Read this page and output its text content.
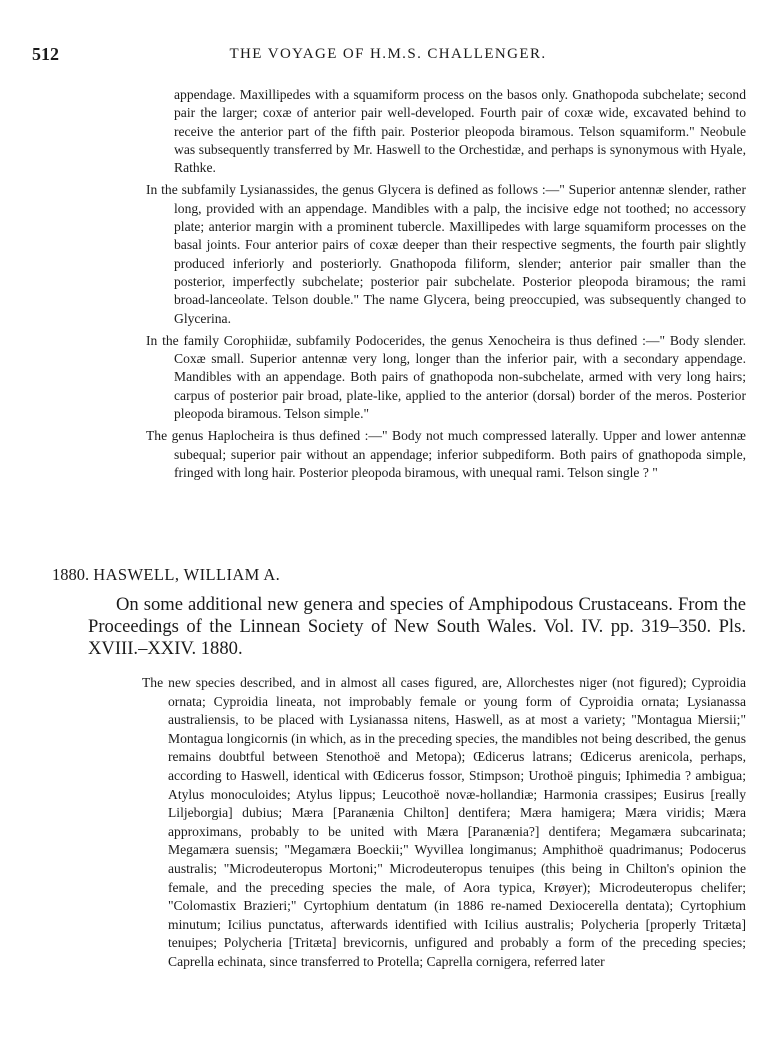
512	THE VOYAGE OF H.M.S. CHALLENGER.

appendage. Maxillipedes with a squamiform process on the basos only. Gnathopoda subchelate; second pair the larger; coxæ of anterior pair well-developed. Fourth pair of coxæ wide, excavated behind to receive the anterior part of the fifth pair. Posterior pleopoda biramous. Telson squamiform." Neobule was subsequently transferred by Mr. Haswell to the Orchestidæ, and perhaps is synonymous with Hyale, Rathke.

In the subfamily Lysianassides, the genus Glycera is defined as follows :—" Superior antennæ slender, rather long, provided with an appendage. Mandibles with a palp, the incisive edge not toothed; no accessory plate; anterior margin with a prominent tubercle. Maxillipedes with large squamiform processes on the basal joints. Four anterior pairs of coxæ deeper than their respective segments, the fourth pair slightly produced inferiorly and posteriorly. Gnathopoda filiform, slender; anterior pair smaller than the posterior, imperfectly subchelate; posterior pair subchelate. Posterior pleopoda biramous; the rami broad-lanceolate. Telson double." The name Glycera, being preoccupied, was subsequently changed to Glycerina.

In the family Corophiidæ, subfamily Podocerides, the genus Xenocheira is thus defined :—" Body slender. Coxæ small. Superior antennæ very long, longer than the inferior pair, with a secondary appendage. Mandibles with an appendage. Both pairs of gnathopoda non-subchelate, armed with very long hairs; carpus of posterior pair broad, plate-like, applied to the anterior (dorsal) border of the meros. Posterior pleopoda biramous. Telson simple."

The genus Haplocheira is thus defined :—" Body not much compressed laterally. Upper and lower antennæ subequal; superior pair without an appendage; inferior subpediform. Both pairs of gnathopoda simple, fringed with long hair. Posterior pleopoda biramous, with unequal rami. Telson single ? "

1880. HASWELL, WILLIAM A.

On some additional new genera and species of Amphipodous Crustaceans. From the Proceedings of the Linnean Society of New South Wales. Vol. IV. pp. 319–350. Pls. XVIII.–XXIV. 1880.

The new species described, and in almost all cases figured, are, Allorchestes niger (not figured); Cyproidia ornata; Cyproidia lineata, not improbably female or young form of Cyproidia ornata; Lysianassa australiensis, to be placed with Lysianassa nitens, Haswell, as at most a variety; "Montagua Miersii;" Montagua longicornis (in which, as in the preceding species, the mandibles not being described, the genus remains doubtful between Stenothoë and Metopa); Œdicerus latrans; Œdicerus arenicola, perhaps, according to Haswell, identical with Œdicerus fossor, Stimpson; Urothoë pinguis; Iphimedia ? ambigua; Atylus monoculoides; Atylus lippus; Leucothoë novæ-hollandiæ; Harmonia crassipes; Eusirus [really Liljeborgia] dubius; Mæra [Paranænia Chilton] dentifera; Mæra hamigera; Mæra viridis; Mæra approximans, probably to be united with Mæra [Paranænia?] dentifera; Megamæra subcarinata; Megamæra suensis; "Megamæra Boeckii;" Wyvillea longimanus; Amphithoë quadrimanus; Podocerus australis; "Microdeuteropus Mortoni;" Microdeuteropus tenuipes (this being in Chilton's opinion the female, and the preceding species the male, of Aora typica, Krøyer); Microdeuteropus chelifer; "Colomastix Brazieri;" Cyrtophium dentatum (in 1886 re-named Dexiocerella dentata); Cyrtophium minutum; Icilius punctatus, afterwards identified with Icilius australis; Polycheria [properly Tritæta] tenuipes; Polycheria [Tritæta] brevicornis, unfigured and probably a form of the preceding species; Caprella echinata, since transferred to Protella; Caprella cornigera, referred later
